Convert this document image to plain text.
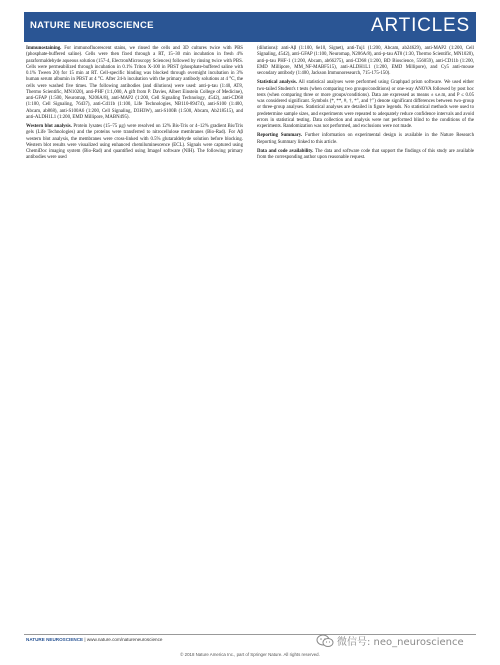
NATURE NEUROSCIENCE	ARTICLES

Immunostaining. For immunofluorescent stains, we rinsed the cells and 3D cultures twice with PBS (phosphate-buffered saline). Cells were then fixed through a RT, 15–30 min incubation in fresh 4% paraformaldehyde aqueous solution (157-4, ElectronMicroscopy Sciences) followed by rinsing twice with PBS. Cells were permeabilized through incubation in 0.1% Triton X-100 in PBST (phosphate-buffered saline with 0.1% Tween 20) for 15 min at RT. Cell-specific binding was blocked through overnight incubation in 3% human serum albumin in PBST at 4 °C. After 24-h incubation with the primary antibody solutions at 4 °C, the cells were washed five times. The following antibodies (and dilutions) were used: anti-p-tau (1:40, AT8, Thermo Scientific, MN1020), anti-PHF (1:1,000, A gift from P. Davies, Albert Einstein College of Medicine), anti-GFAP (1:500, Neuromap, N206A/8), anti-MAP2 (1:200, Cell Signaling Technology, 4542), anti-CD68 (1:100, Cell Signaling, 76437), anti-Cd11b (1:100, Life Technologies, NB110-89474), anti-S100 (1:400, Abcam, ab868), anti-S100A6 (1:200, Cell Signaling, D3H3W), anti-S100B (1:500, Abcam, Ab218515), and anti-ALDH1L1 (1:200, EMD Millipore, MABN495).

Western blot analysis. Protein lysates (15–75 µg) were resolved on 12% Bis-Tris or 4–12% gradient Bis/Tris gels (Life Technologies) and the proteins were transferred to nitrocellulose membranes (Bio-Rad). For Aβ western blot analysis, the membranes were cross-linked with 0.5% glutaraldehyde solution before blocking. Western blot results were visualized using enhanced chemiluminescence (ECL). Signals were captured using ChemiDoc imaging system (Bio-Rad) and quantified using ImageJ software (NIH). The following primary antibodies were used

(dilutions): anti-Aβ (1:100, 6e10, Signet), anti-Tuj1 (1:200, Abcam, ab24629), anti-MAP2 (1:200, Cell Signaling, 4542), anti-GFAP (1:100, Neuromap, N206A/8), anti-p-tau AT8 (1:30, Thermo Scientific, MN1020), anti-p-tau PHF-1 (1:200, Abcam, ab66275), anti-CD68 (1:200, BD Bioscience, 556059), anti-CD11b (1:200, EMD Millipore, MM_NF-MABF515), anti-ALDH1L1 (1:200, EMD Millipore), and Cy5 anti-mouse secondary antibody (1:400, Jackson Immunoresearch, 715-175-150).

Statistical analysis. All statistical analyses were performed using Graphpad prism software. We used either two-tailed Student's t tests (when comparing two groups/conditions) or one-way ANOVA followed by post hoc tests (when comparing three or more groups/conditions). Data are expressed as means ± s.e.m, and P ≤ 0.05 was considered significant. Symbols (*, **, #, †, *", and †") denote significant differences between two-group or three-group analyses. Statistical analyses are detailed in figure legends. No statistical methods were used to predetermine sample sizes, and experiments were repeated to adequately reduce confidence intervals and avoid errors in statistical testing. Data collection and analysis were not performed blind to the conditions of the experiments. Randomization was not performed, and exclusions were not made.

Reporting Summary. Further information on experimental design is available in the Nature Research Reporting Summary linked to this article.

Data and code availability. The data and software code that support the findings of this study are available from the corresponding author upon reasonable request.

NATURE NEUROSCIENCE | www.nature.com/natureneuroscience
© 2018 Nature America Inc., part of Springer Nature. All rights reserved.
微信号: neo_neuroscience
